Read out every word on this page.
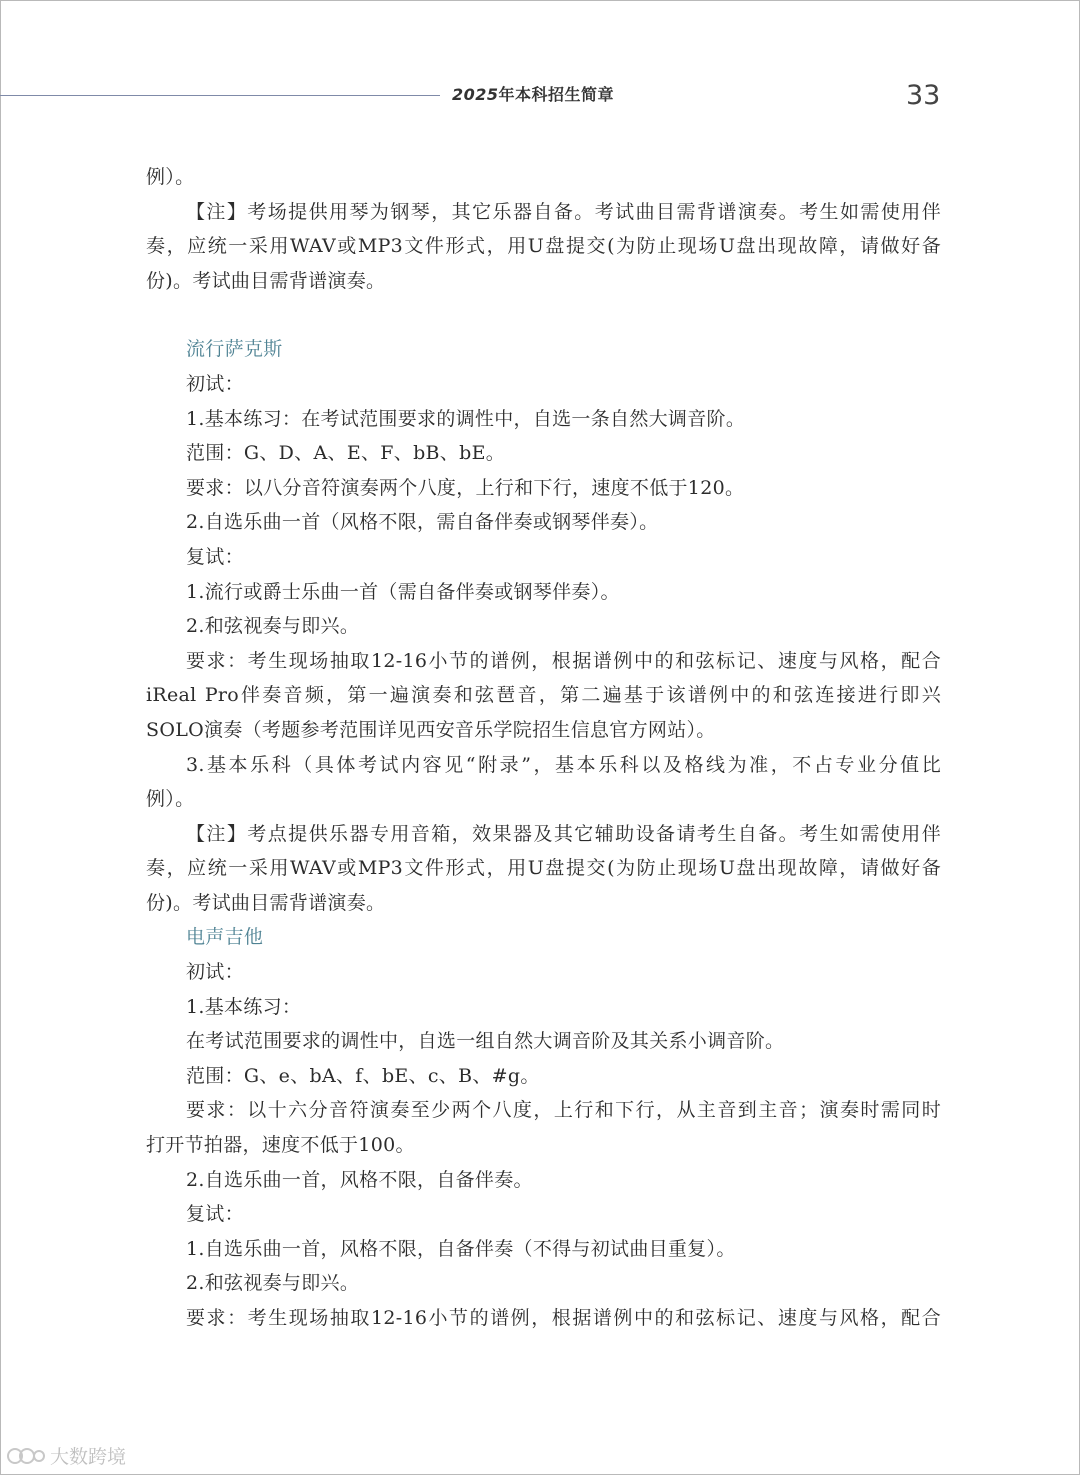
2025年本科招生简章	33
例）。
【注】考场提供用琴为钢琴，其它乐器自备。考试曲目需背谱演奏。考生如需使用伴
奏，应统一采用WAV或MP3文件形式，用U盘提交(为防止现场U盘出现故障，请做好备
份)。考试曲目需背谱演奏。
流行萨克斯
初试：
1.基本练习：在考试范围要求的调性中，自选一条自然大调音阶。
范围：G、D、A、E、F、bB、bE。
要求：以八分音符演奏两个八度，上行和下行，速度不低于120。
2.自选乐曲一首（风格不限，需自备伴奏或钢琴伴奏）。
复试：
1.流行或爵士乐曲一首（需自备伴奏或钢琴伴奏）。
2.和弦视奏与即兴。
要求：考生现场抽取12-16小节的谱例，根据谱例中的和弦标记、速度与风格，配合
iReal Pro伴奏音频，第一遍演奏和弦琶音，第二遍基于该谱例中的和弦连接进行即兴
SOLO演奏（考题参考范围详见西安音乐学院招生信息官方网站）。
3.基本乐科（具体考试内容见“附录”，基本乐科以及格线为准，不占专业分值比
例）。
【注】考点提供乐器专用音箱，效果器及其它辅助设备请考生自备。考生如需使用伴
奏，应统一采用WAV或MP3文件形式，用U盘提交(为防止现场U盘出现故障，请做好备
份)。考试曲目需背谱演奏。
电声吉他
初试：
1.基本练习：
在考试范围要求的调性中，自选一组自然大调音阶及其关系小调音阶。
范围：G、e、bA、f、bE、c、B、#g。
要求：以十六分音符演奏至少两个八度，上行和下行，从主音到主音；演奏时需同时
打开节拍器，速度不低于100。
2.自选乐曲一首，风格不限，自备伴奏。
复试：
1.自选乐曲一首，风格不限，自备伴奏（不得与初试曲目重复）。
2.和弦视奏与即兴。
要求：考生现场抽取12-16小节的谱例，根据谱例中的和弦标记、速度与风格，配合
大数跨境
